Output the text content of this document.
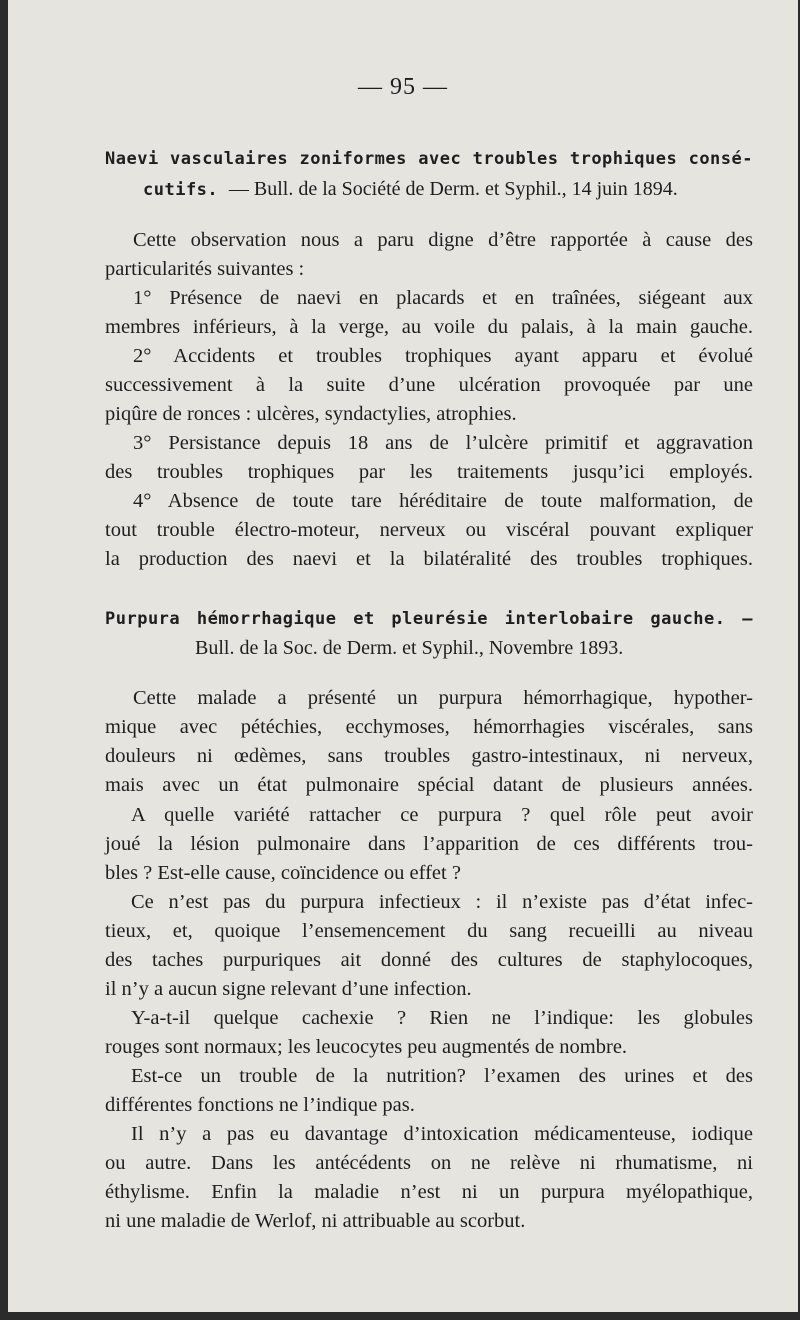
— 95 —
Naevi vasculaires zoniformes avec troubles trophiques consé-
cutifs. — Bull. de la Société de Derm. et Syphil., 14 juin 1894.
Cette observation nous a paru digne d’être rapportée à cause des
particularités suivantes :
1° Présence de naevi en placards et en traînées, siégeant aux
membres inférieurs, à la verge, au voile du palais, à la main gauche.
2° Accidents et troubles trophiques ayant apparu et évolué
successivement à la suite d’une ulcération provoquée par une
piqûre de ronces : ulcères, syndactylies, atrophies.
3° Persistance depuis 18 ans de l’ulcère primitif et aggravation
des troubles trophiques par les traitements jusqu’ici employés.
4° Absence de toute tare héréditaire de toute malformation, de
tout trouble électro-moteur, nerveux ou viscéral pouvant expliquer
la production des naevi et la bilatéralité des troubles trophiques.
Purpura hémorrhagique et pleurésie interlobaire gauche. —
Bull. de la Soc. de Derm. et Syphil., Novembre 1893.
Cette malade a présenté un purpura hémorrhagique, hypother-
mique avec pétéchies, ecchymoses, hémorrhagies viscérales, sans
douleurs ni œdèmes, sans troubles gastro-intestinaux, ni nerveux,
mais avec un état pulmonaire spécial datant de plusieurs années.
A quelle variété rattacher ce purpura ? quel rôle peut avoir
joué la lésion pulmonaire dans l’apparition de ces différents trou-
bles ? Est-elle cause, coïncidence ou effet ?
Ce n’est pas du purpura infectieux : il n’existe pas d’état infec-
tieux, et, quoique l’ensemencement du sang recueilli au niveau
des taches purpuriques ait donné des cultures de staphylocoques,
il n’y a aucun signe relevant d’une infection.
Y-a-t-il quelque cachexie ? Rien ne l’indique: les globules
rouges sont normaux; les leucocytes peu augmentés de nombre.
Est-ce un trouble de la nutrition? l’examen des urines et des
différentes fonctions ne l’indique pas.
Il n’y a pas eu davantage d’intoxication médicamenteuse, iodique
ou autre. Dans les antécédents on ne relève ni rhumatisme, ni
éthylisme. Enfin la maladie n’est ni un purpura myélopathique,
ni une maladie de Werlof, ni attribuable au scorbut.
